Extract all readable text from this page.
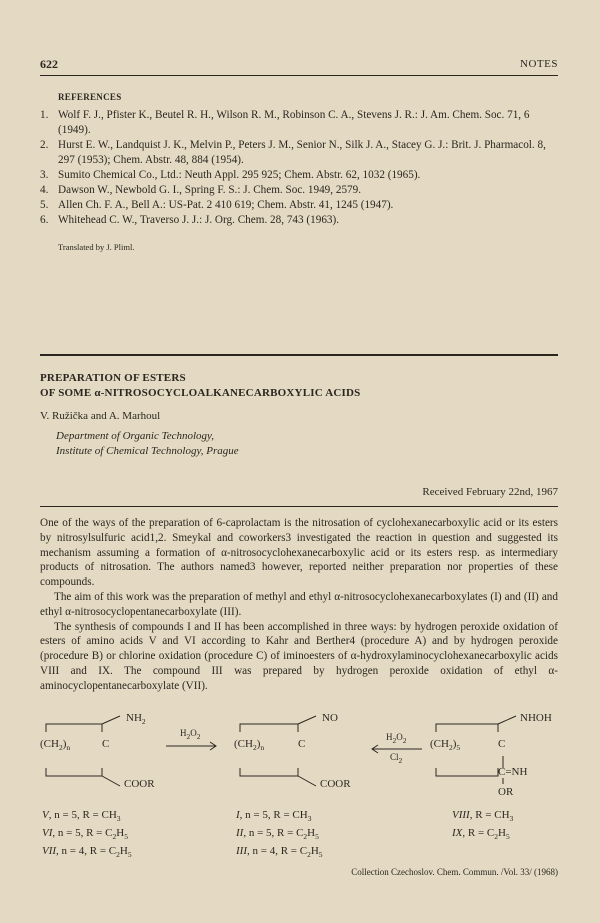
622	NOTES
REFERENCES
1. Wolf F. J., Pfister K., Beutel R. H., Wilson R. M., Robinson C. A., Stevens J. R.: J. Am. Chem. Soc. 71, 6 (1949).
2. Hurst E. W., Landquist J. K., Melvin P., Peters J. M., Senior N., Silk J. A., Stacey G. J.: Brit. J. Pharmacol. 8, 297 (1953); Chem. Abstr. 48, 884 (1954).
3. Sumito Chemical Co., Ltd.: Neuth Appl. 295 925; Chem. Abstr. 62, 1032 (1965).
4. Dawson W., Newbold G. I., Spring F. S.: J. Chem. Soc. 1949, 2579.
5. Allen Ch. F. A., Bell A.: US-Pat. 2 410 619; Chem. Abstr. 41, 1245 (1947).
6. Whitehead C. W., Traverso J. J.: J. Org. Chem. 28, 743 (1963).
Translated by J. Pliml.
PREPARATION OF ESTERS
OF SOME α-NITROSOCYCLOALKANECARBOXYLIC ACIDS
V. Ružička and A. Marhoul
Department of Organic Technology,
Institute of Chemical Technology, Prague
Received February 22nd, 1967

One of the ways of the preparation of 6-caprolactam is the nitrosation of cyclohexanecarboxylic acid or its esters by nitrosylsulfuric acid1,2. Smeykal and coworkers3 investigated the reaction in question and suggested its mechanism assuming a formation of α-nitrosocyclohexanecarboxylic acid or its esters resp. as intermediary products of nitrosation. The authors named3 however, reported neither preparation nor properties of these compounds.

The aim of this work was the preparation of methyl and ethyl α-nitrosocyclohexanecarboxylates (I) and (II) and ethyl α-nitrosocyclopentanecarboxylate (III).

The synthesis of compounds I and II has been accomplished in three ways: by hydrogen peroxide oxidation of esters of amino acids V and VI according to Kahr and Berther4 (procedure A) and by hydrogen peroxide (procedure B) or chlorine oxidation (procedure C) of iminoesters of α-hydroxylaminocyclohexanecarboxylic acids VIII and IX. The compound III was prepared by hydrogen peroxide oxidation of ethyl α-aminocyclopentanecarboxylate (VII).

$NH_2$
$(CH_2)_n$	C
COOR
$H_2O_2$
NO
$(CH_2)_n$	C
COOR
$H_2O_2$
$Cl_2$
NHOH
$(CH_2)_5$	C
C=NH
OR
V, n = 5, $R = CH_3$
VI, n = 5, $R = C_2H_5$
VII, n = 4, $R = C_2H_5$
I, n = 5, $R = CH_3$
II, n = 5, $R = C_2H_5$
III, n = 4, $R = C_2H_5$
VIII, $R = CH_3$
IX, $R = C_2H_5$
Collection Czechoslov. Chem. Commun. /Vol. 33/ (1968)
